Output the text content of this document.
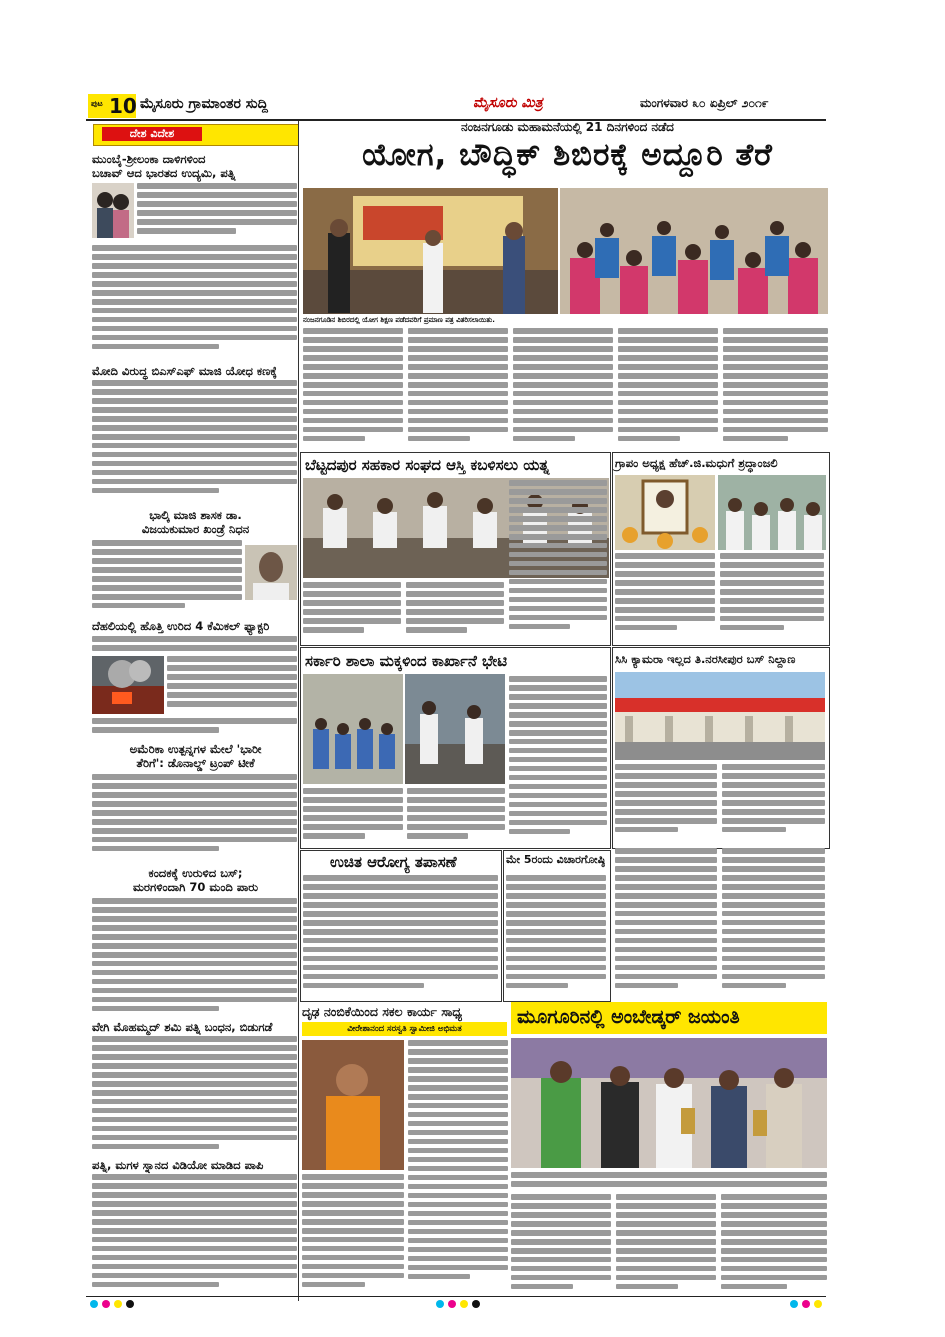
ಪುಟ 10 ಮೈಸೂರು ಗ್ರಾಮಾಂತರ ಸುದ್ದಿ	ಮೈಸೂರು ಮಿತ್ರ	ಮಂಗಳವಾರ ೩೦ ಏಪ್ರಿಲ್ ೨೦೧೯
ದೇಶ ವಿದೇಶ
ಮುಂಬೈ-ಶ್ರೀಲಂಕಾ ದಾಳಿಗಳಿಂದ
ಬಚಾವ್ ಆದ ಭಾರತದ ಉದ್ಯಮಿ, ಪತ್ನಿ
ಮೋದಿ ವಿರುದ್ಧ ಬಿಎಸ್‌ಎಫ್ ಮಾಜಿ ಯೋಧ ಕಣಕ್ಕೆ
ಭಾಲ್ಕಿ ಮಾಜಿ ಶಾಸಕ ಡಾ.
ವಿಜಯಕುಮಾರ ಖಂಡ್ರೆ ನಿಧನ
ದೆಹಲಿಯಲ್ಲಿ ಹೊತ್ತಿ ಉರಿದ 4 ಕೆಮಿಕಲ್ ಫ್ಯಾಕ್ಟರಿ
ಅಮೆರಿಕಾ ಉತ್ಪನ್ನಗಳ ಮೇಲೆ 'ಭಾರೀ
ತೆರಿಗೆ': ಡೊನಾಲ್ಡ್ ಟ್ರಂಪ್ ಟೀಕೆ
ಕಂದಕಕ್ಕೆ ಉರುಳಿದ ಬಸ್;
ಮರಗಳಿಂದಾಗಿ 70 ಮಂದಿ ಪಾರು
ವೇಗಿ ಮೊಹಮ್ಮದ್ ಶಮಿ ಪತ್ನಿ ಬಂಧನ, ಬಿಡುಗಡೆ
ಪತ್ನಿ, ಮಗಳ ಸ್ನಾನದ ವಿಡಿಯೋ ಮಾಡಿದ ಪಾಪಿ
ನಂಜನಗೂಡು ಮಹಾಮನೆಯಲ್ಲಿ 21 ದಿನಗಳಿಂದ ನಡೆದ
ಯೋಗ, ಬೌದ್ಧಿಕ್ ಶಿಬಿರಕ್ಕೆ ಅದ್ದೂರಿ ತೆರೆ
ನಂಜನಗೂಡಿನ ಶಿಬಿರದಲ್ಲಿ ಯೋಗ ಶಿಕ್ಷಣ ಪಡೆದವರಿಗೆ ಪ್ರಮಾಣ ಪತ್ರ ವಿತರಿಸಲಾಯಿತು.
ಬೆಟ್ಟದಪುರ ಸಹಕಾರ ಸಂಘದ ಆಸ್ತಿ ಕಬಳಿಸಲು ಯತ್ನ	ಗ್ರಾಪಂ ಅಧ್ಯಕ್ಷ ಹೆಚ್.ಜಿ.ಮಧುಗೆ ಶ್ರದ್ಧಾಂಜಲಿ
ಸರ್ಕಾರಿ ಶಾಲಾ ಮಕ್ಕಳಿಂದ ಕಾರ್ಖಾನೆ ಭೇಟಿ	ಸಿಸಿ ಕ್ಯಾಮರಾ ಇಲ್ಲದ ತಿ.ನರಸೀಪುರ ಬಸ್ ನಿಲ್ದಾಣ
ಉಚಿತ ಆರೋಗ್ಯ ತಪಾಸಣೆ	ಮೇ 5ರಂದು ವಿಚಾರಗೋಷ್ಠಿ
ದೃಢ ನಂಬಿಕೆಯಿಂದ ಸಕಲ ಕಾರ್ಯ ಸಾಧ್ಯ
ವೀರೇಶಾನಂದ ಸರಸ್ವತಿ ಸ್ವಾಮೀಜಿ ಅಭಿಮತ
ಮೂಗೂರಿನಲ್ಲಿ ಅಂಬೇಡ್ಕರ್ ಜಯಂತಿ
